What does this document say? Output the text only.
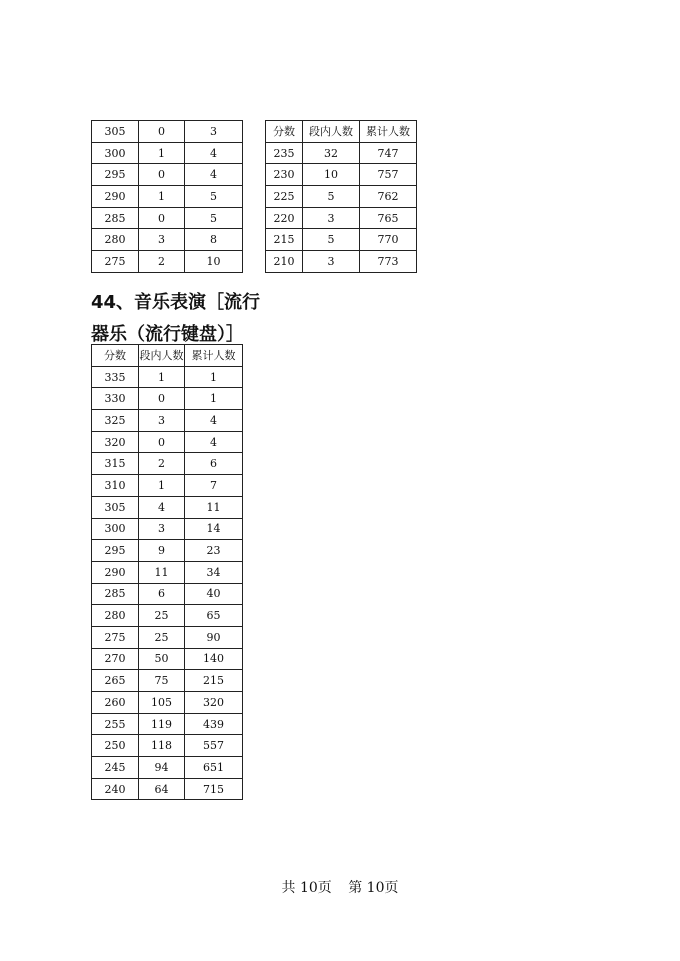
305	0	3
300	1	4
295	0	4
290	1	5
285	0	5
280	3	8
275	2	10
分数	段内人数	累计人数
235	32	747
230	10	757
225	5	762
220	3	765
215	5	770
210	3	773
44、音乐表演［流行
器乐（流行键盘）］
分数	段内人数	累计人数
335	1	1
330	0	1
325	3	4
320	0	4
315	2	6
310	1	7
305	4	11
300	3	14
295	9	23
290	11	34
285	6	40
280	25	65
275	25	90
270	50	140
265	75	215
260	105	320
255	119	439
250	118	557
245	94	651
240	64	715
共 10页 第 10页
